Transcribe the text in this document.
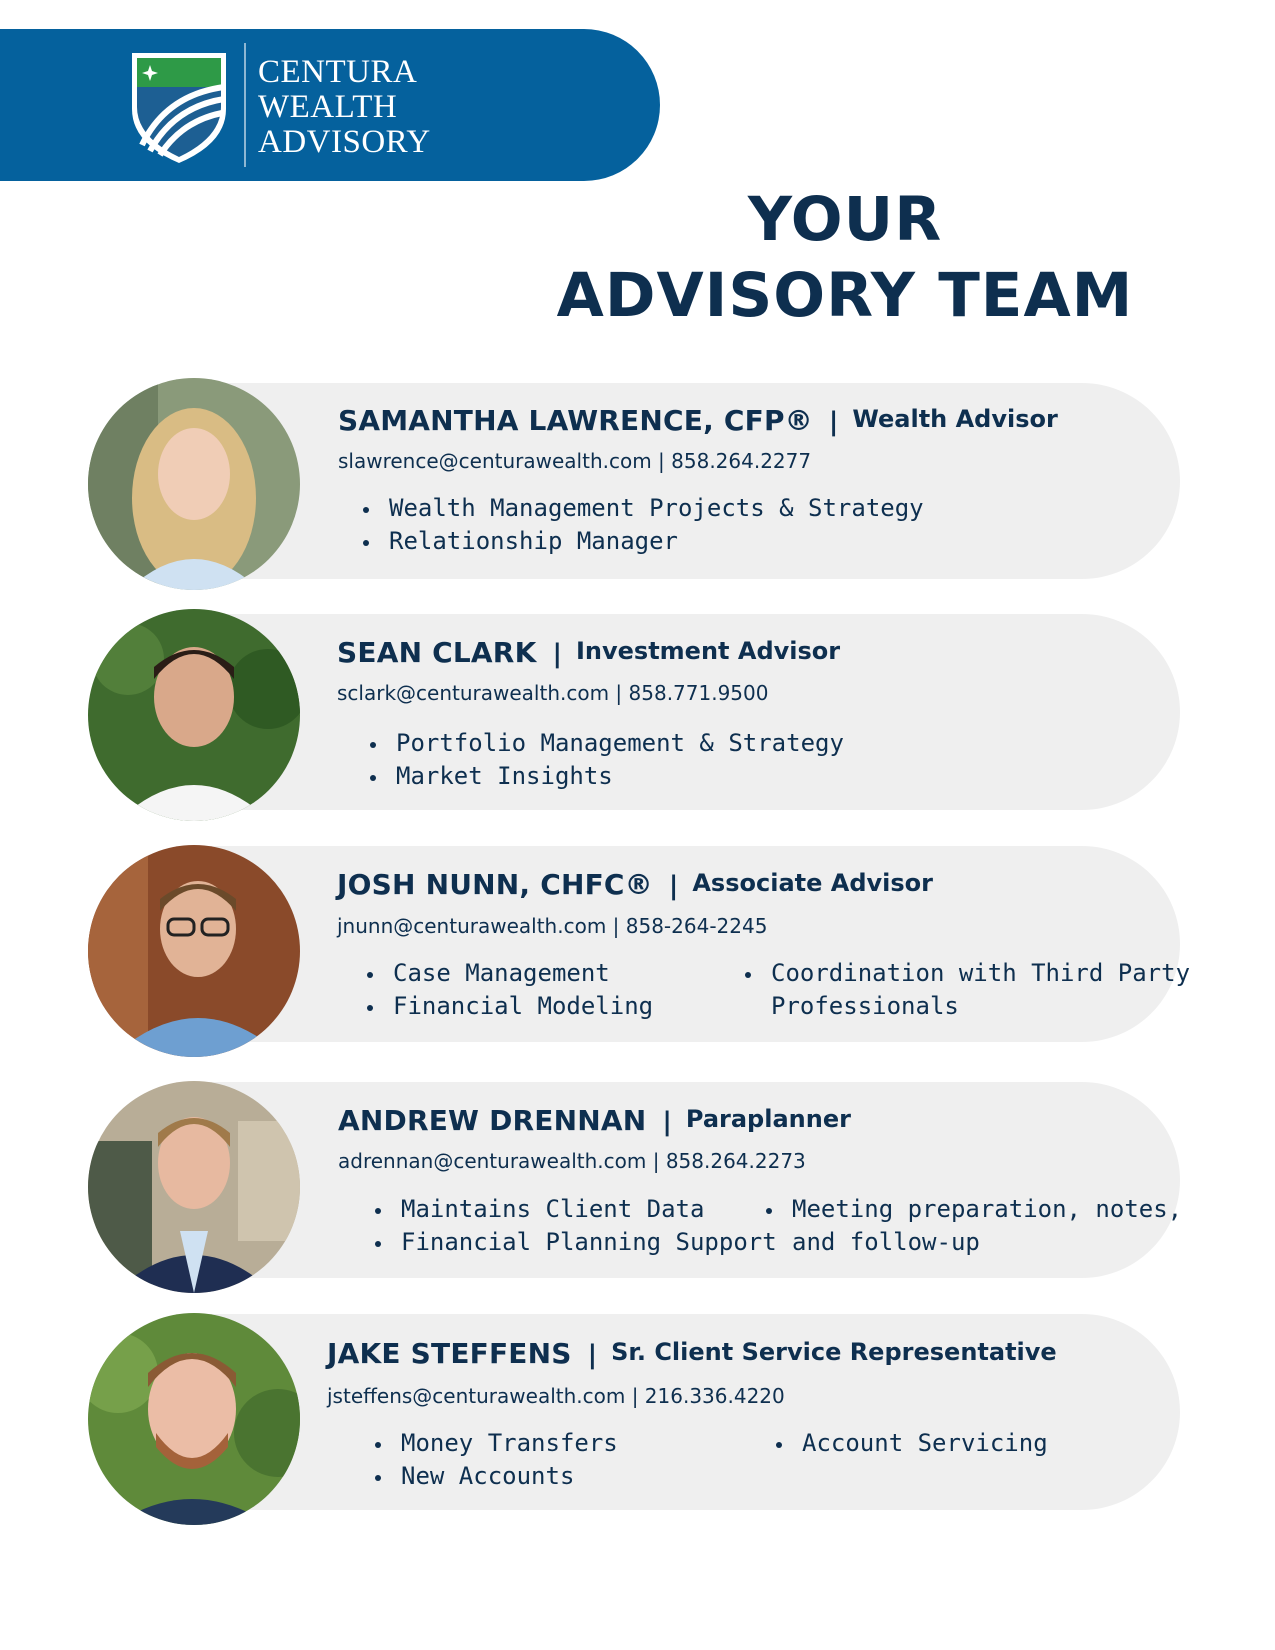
CENTURA
WEALTH
ADVISORY
YOUR
ADVISORY TEAM
SAMANTHA LAWRENCE, CFP® | Wealth Advisor
slawrence@centurawealth.com | 858.264.2277
Wealth Management Projects & Strategy
Relationship Manager
SEAN CLARK | Investment Advisor
sclark@centurawealth.com | 858.771.9500
Portfolio Management & Strategy
Market Insights
JOSH NUNN, CHFC® | Associate Advisor
jnunn@centurawealth.com | 858-264-2245
Case Management
Financial Modeling
Coordination with Third Party
Professionals
ANDREW DRENNAN | Paraplanner
adrennan@centurawealth.com | 858.264.2273
Maintains Client Data
Financial Planning Support
Meeting preparation, notes,
and follow-up
JAKE STEFFENS | Sr. Client Service Representative
jsteffens@centurawealth.com | 216.336.4220
Money Transfers
New Accounts
Account Servicing
